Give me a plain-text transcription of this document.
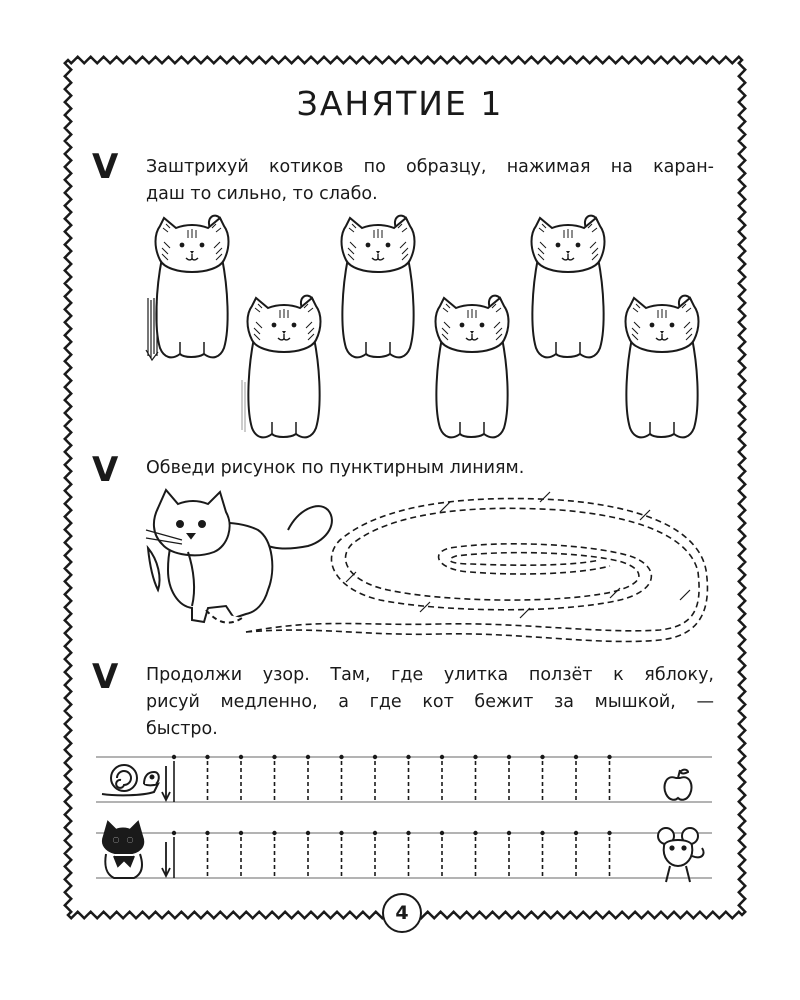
ЗАНЯТИЕ 1
V Заштрихуй котиков по образцу, нажимая на каран-

даш то сильно, то слабо.

V Обведи рисунок по пунктирным линиям.

V Продолжи узор. Там, где улитка ползёт к яблоку,

рисуй медленно, а где кот бежит за мышкой, —

быстро.

4
